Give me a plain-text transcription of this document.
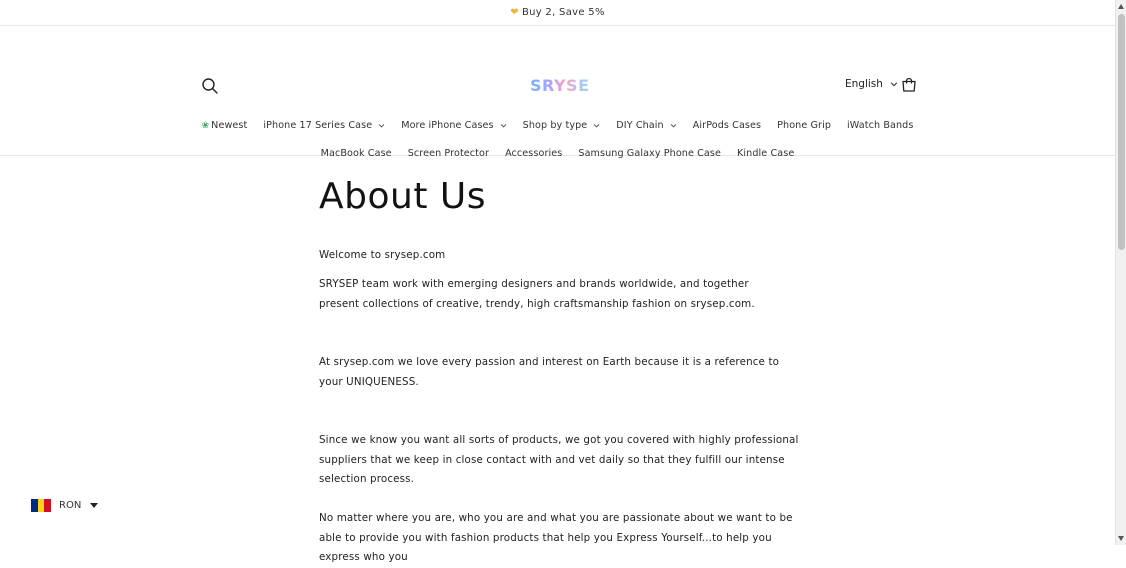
❤ Buy 2, Save 5%
SRYSEP	English
❀ Newest iPhone 17 Series Case	More iPhone Cases	Shop by type	DIY Chain	AirPods Cases Phone Grip iWatch Bands
MacBook Case Screen Protector Accessories Samsung Galaxy Phone Case Kindle Case
About Us

Welcome to srysep.com

SRYSEP team work with emerging designers and brands worldwide, and together present collections of creative, trendy, high craftsmanship fashion on srysep.com.

At srysep.com we love every passion and interest on Earth because it is a reference to your UNIQUENESS.

Since we know you want all sorts of products, we got you covered with highly professional suppliers that we keep in close contact with and vet daily so that they fulfill our intense selection process.

No matter where you are, who you are and what you are passionate about we want to be able to provide you with fashion products that help you Express Yourself...to help you express who you

RON
